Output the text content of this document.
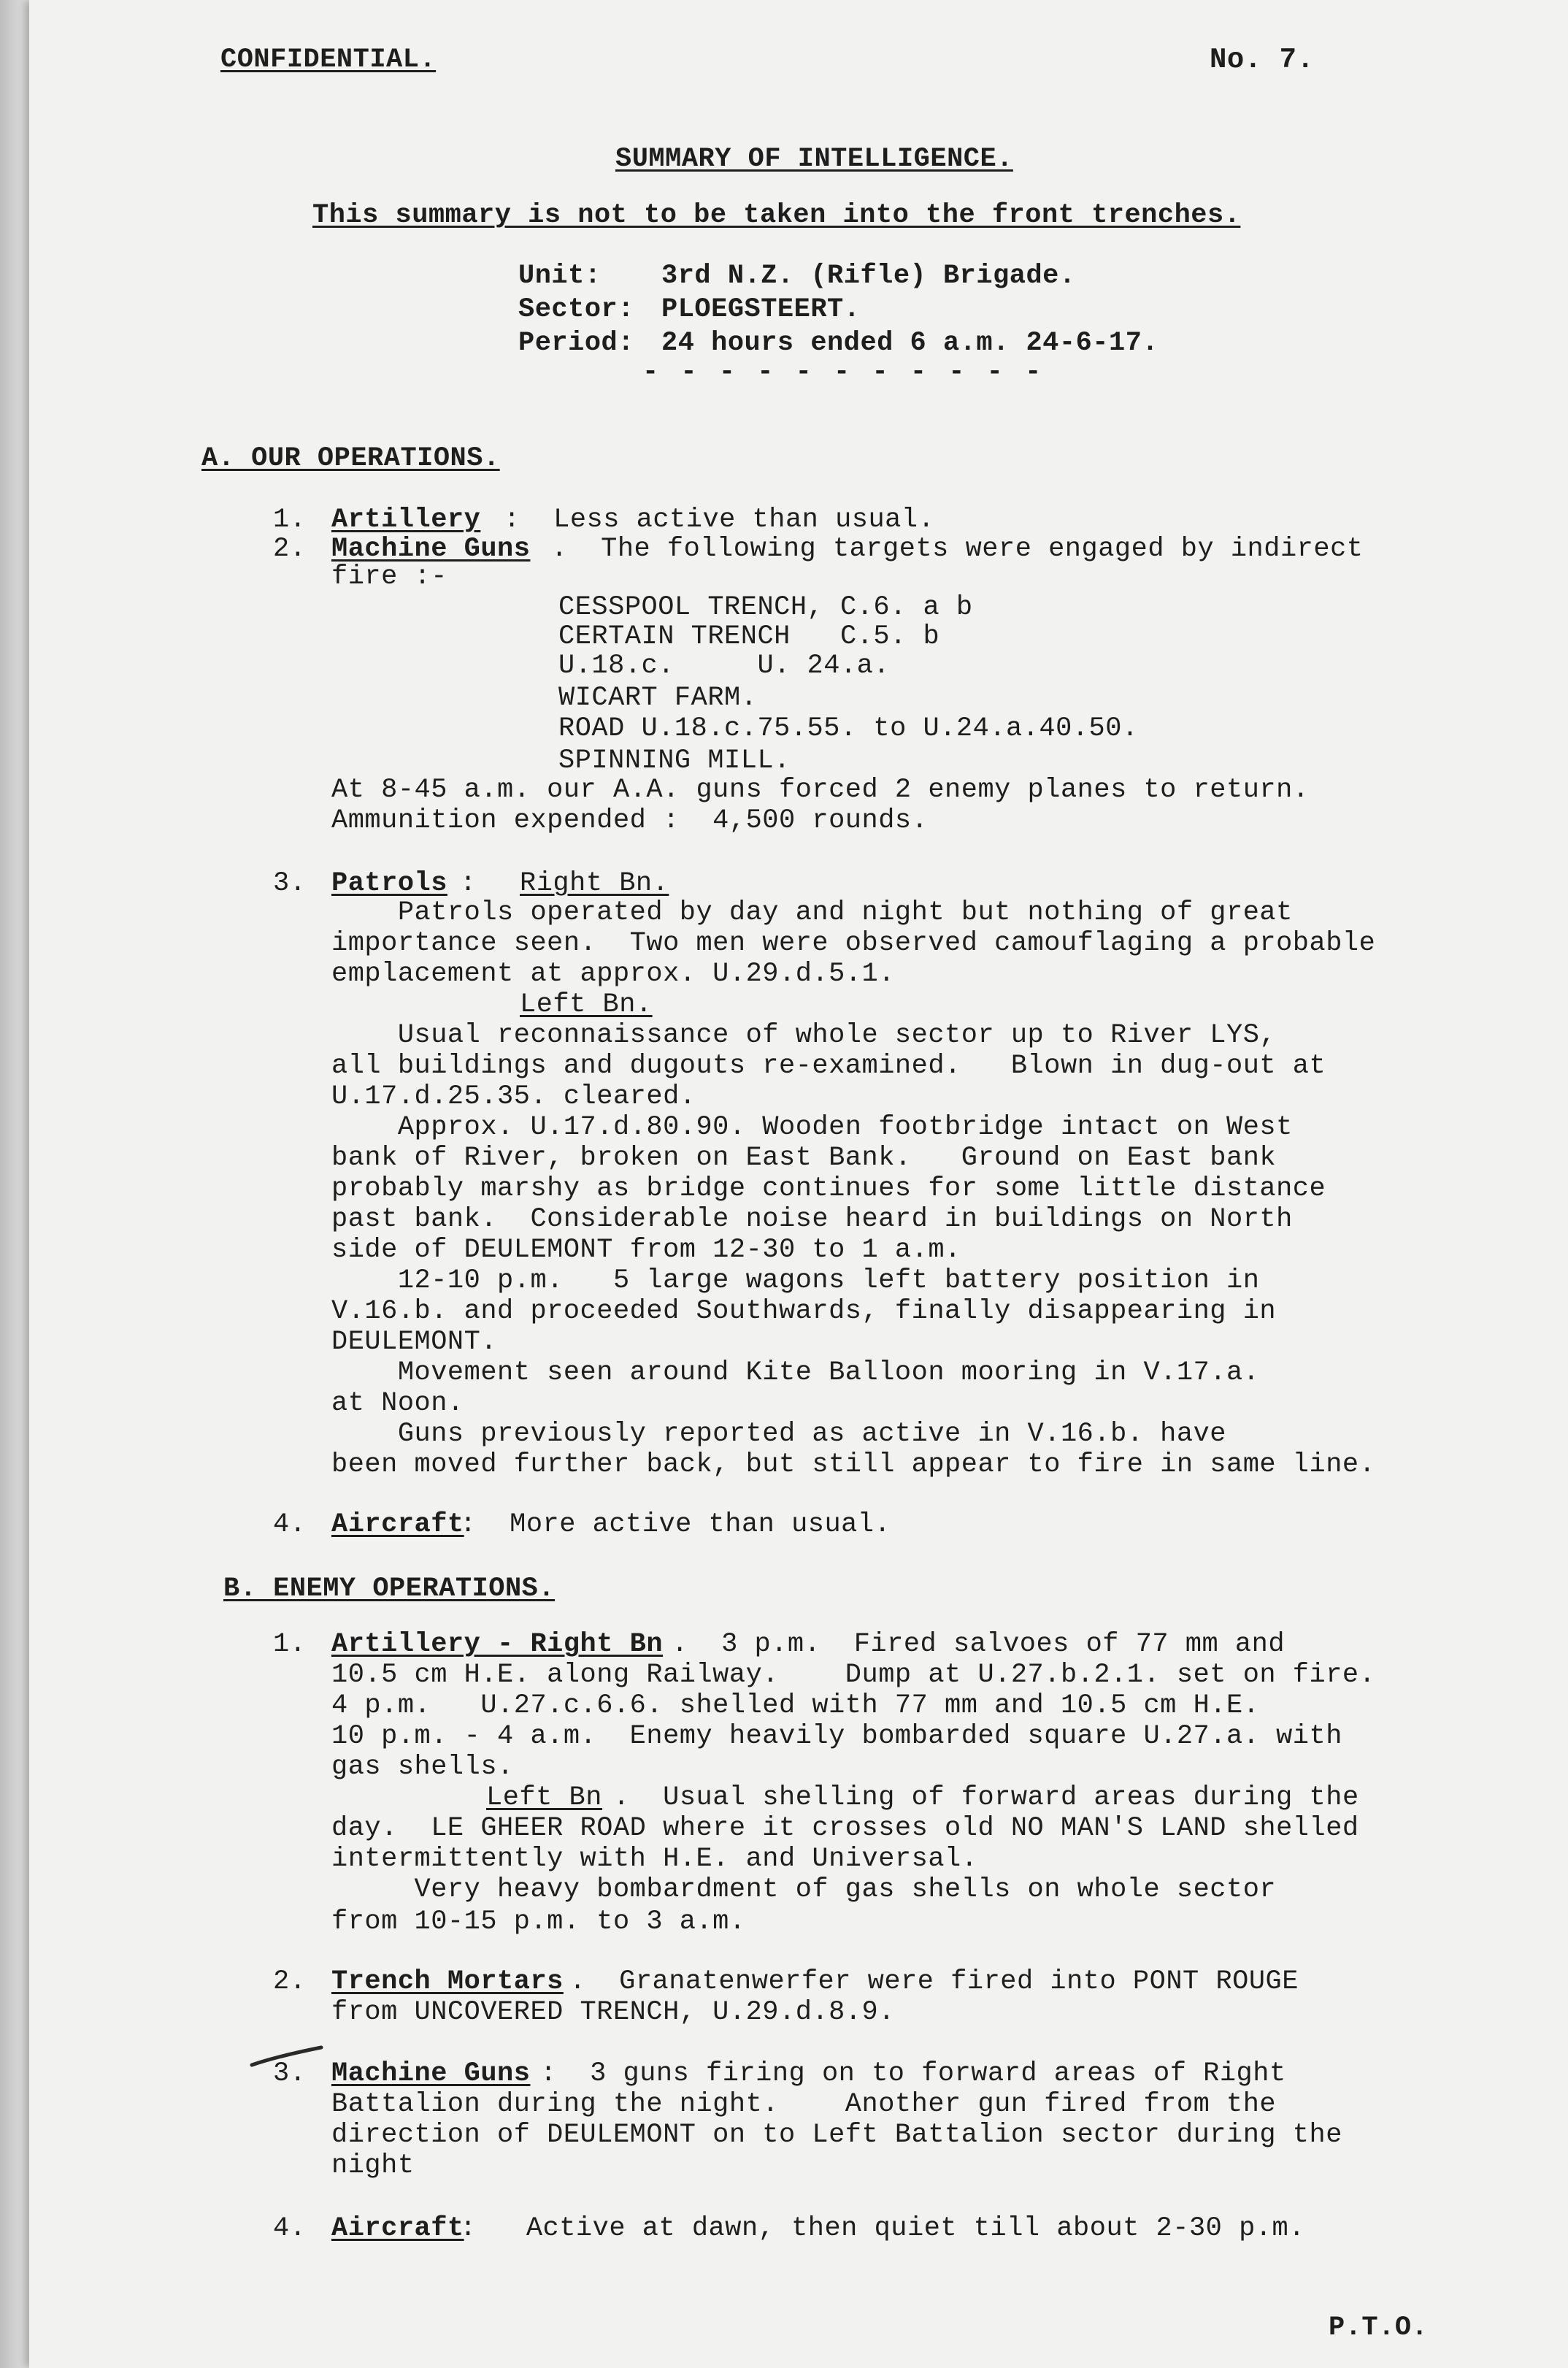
CONFIDENTIAL.	No. 7.
SUMMARY OF INTELLIGENCE.
This summary is not to be taken into the front trenches.
Unit: 3rd N.Z. (Rifle) Brigade.
Sector: PLOEGSTEERT.
Period: 24 hours ended 6 a.m. 24-6-17.
- - - - - - - - - - -
A. OUR OPERATIONS.
1. Artillery :  Less active than usual.
2. Machine Guns .  The following targets were engaged by indirect
fire :-
CESSPOOL TRENCH, C.6. a b
CERTAIN TRENCH   C.5. b
U.18.c.     U. 24.a.
WICART FARM.
ROAD U.18.c.75.55. to U.24.a.40.50.
SPINNING MILL.
At 8-45 a.m. our A.A. guns forced 2 enemy planes to return.
Ammunition expended :  4,500 rounds.
3. Patrols : Right Bn.
Patrols operated by day and night but nothing of great
importance seen.  Two men were observed camouflaging a probable
emplacement at approx. U.29.d.5.1.
Left Bn.
Usual reconnaissance of whole sector up to River LYS,
all buildings and dugouts re-examined.   Blown in dug-out at
U.17.d.25.35. cleared.
Approx. U.17.d.80.90. Wooden footbridge intact on West
bank of River, broken on East Bank.   Ground on East bank
probably marshy as bridge continues for some little distance
past bank.  Considerable noise heard in buildings on North
side of DEULEMONT from 12-30 to 1 a.m.
12-10 p.m.   5 large wagons left battery position in
V.16.b. and proceeded Southwards, finally disappearing in
DEULEMONT.
Movement seen around Kite Balloon mooring in V.17.a.
at Noon.
Guns previously reported as active in V.16.b. have
been moved further back, but still appear to fire in same line.
4. Aircraft
:  More active than usual.
B. ENEMY OPERATIONS.
1. Artillery - Right Bn .  3 p.m.  Fired salvoes of 77 mm and
10.5 cm H.E. along Railway.    Dump at U.27.b.2.1. set on fire.
4 p.m.   U.27.c.6.6. shelled with 77 mm and 10.5 cm H.E.
10 p.m. - 4 a.m.  Enemy heavily bombarded square U.27.a. with
gas shells.
Left Bn .  Usual shelling of forward areas during the
day.  LE GHEER ROAD where it crosses old NO MAN'S LAND shelled
intermittently with H.E. and Universal.
Very heavy bombardment of gas shells on whole sector
from 10-15 p.m. to 3 a.m.
2. Trench Mortars .  Granatenwerfer were fired into PONT ROUGE
from UNCOVERED TRENCH, U.29.d.8.9.
3. Machine Guns :  3 guns firing on to forward areas of Right
Battalion during the night.    Another gun fired from the
direction of DEULEMONT on to Left Battalion sector during the
night
4. Aircraft
:   Active at dawn, then quiet till about 2-30 p.m.
P.T.O.
